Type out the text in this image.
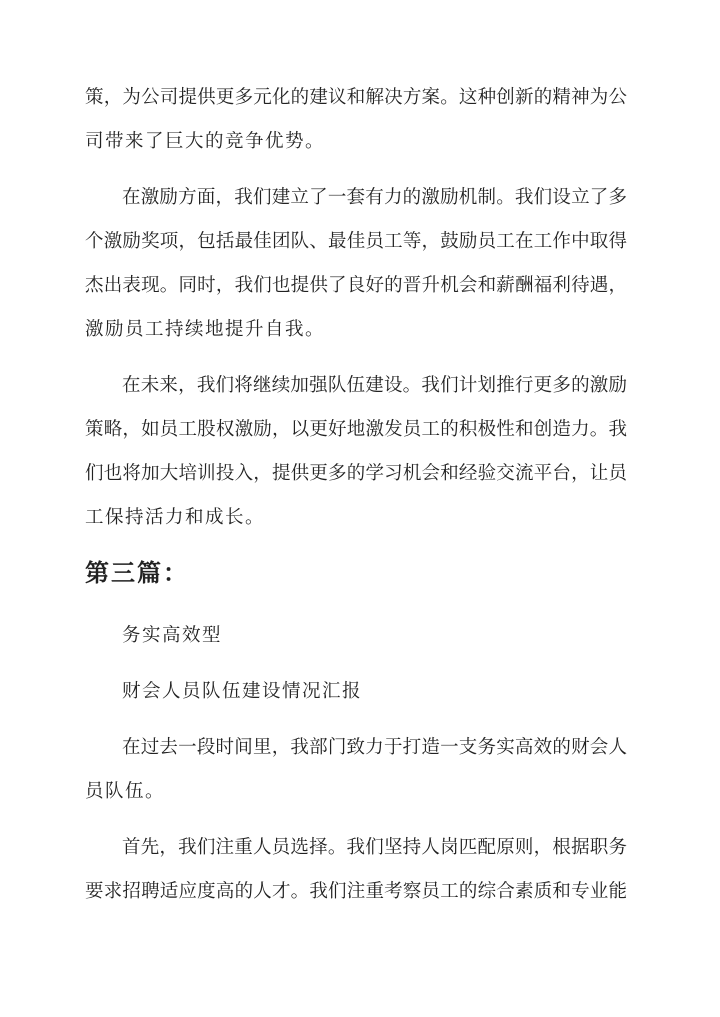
策，为公司提供更多元化的建议和解决方案。这种创新的精神为公
司带来了巨大的竞争优势。
在激励方面，我们建立了一套有力的激励机制。我们设立了多
个激励奖项，包括最佳团队、最佳员工等，鼓励员工在工作中取得
杰出表现。同时，我们也提供了良好的晋升机会和薪酬福利待遇，
激励员工持续地提升自我。
在未来，我们将继续加强队伍建设。我们计划推行更多的激励
策略，如员工股权激励，以更好地激发员工的积极性和创造力。我
们也将加大培训投入，提供更多的学习机会和经验交流平台，让员
工保持活力和成长。
第三篇：
务实高效型
财会人员队伍建设情况汇报
在过去一段时间里，我部门致力于打造一支务实高效的财会人
员队伍。
首先，我们注重人员选择。我们坚持人岗匹配原则，根据职务
要求招聘适应度高的人才。我们注重考察员工的综合素质和专业能
